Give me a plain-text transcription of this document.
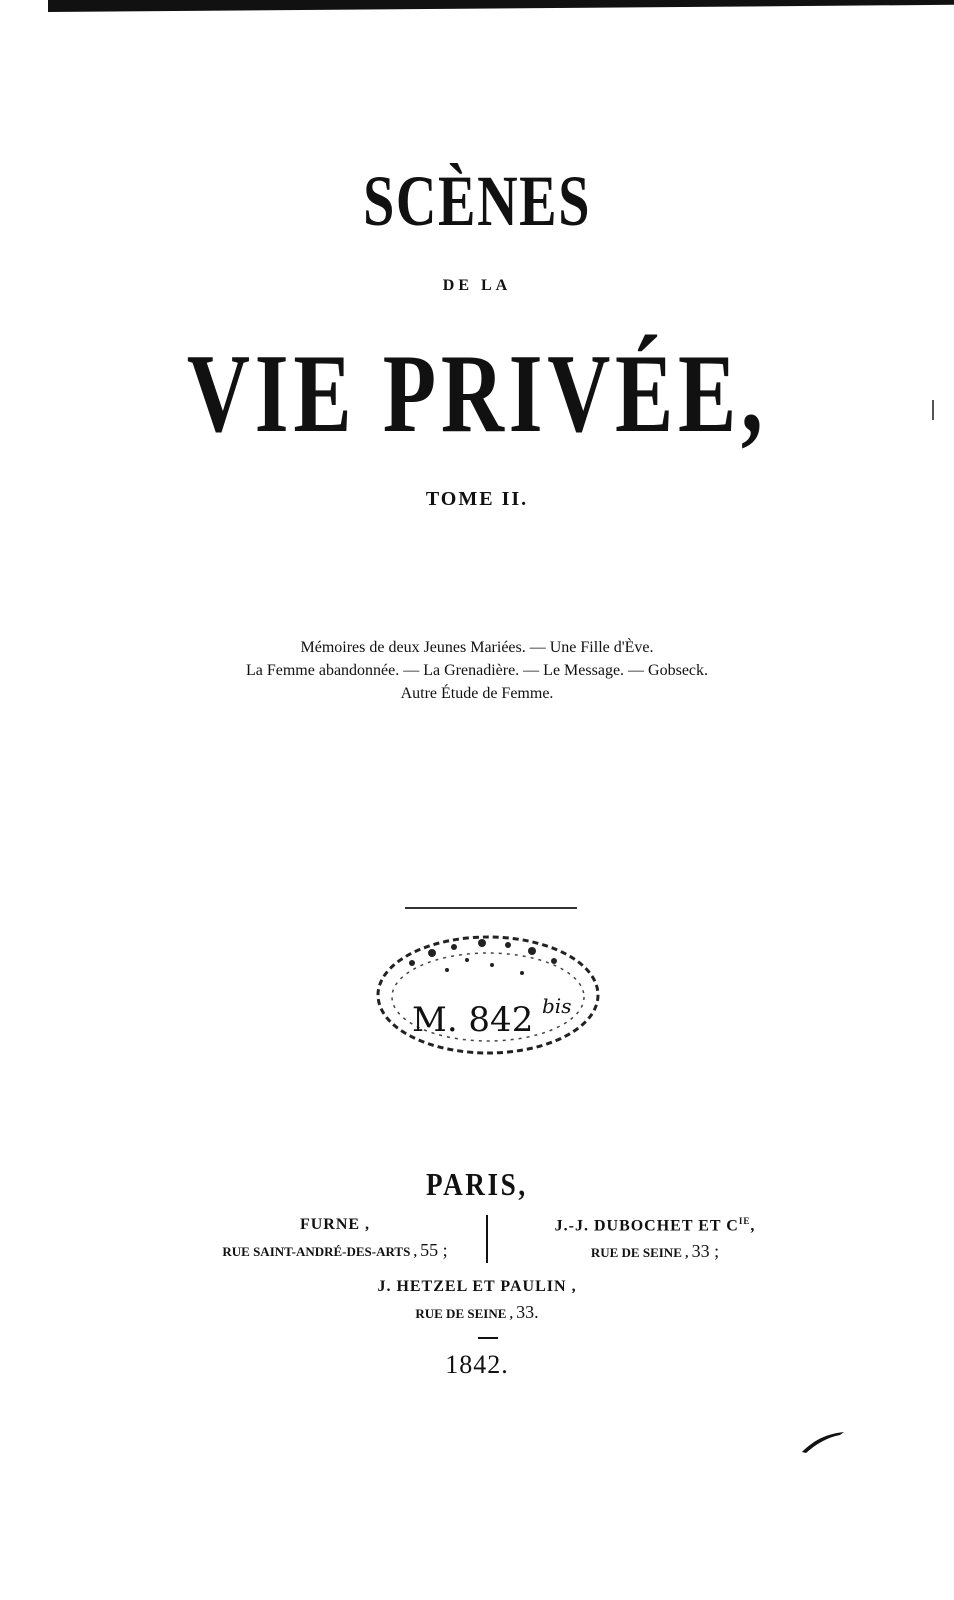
SCÈNES
DE LA
VIE PRIVÉE,
TOME II.
Mémoires de deux Jeunes Mariées. — Une Fille d'Ève.
La Femme abandonnée. — La Grenadière. — Le Message. — Gobseck.
Autre Étude de Femme.
M. 842 bis
PARIS,
FURNE ,
RUE SAINT-ANDRÉ-DES-ARTS , 55 ;
J.-J. DUBOCHET ET $C^{IE}$,
RUE DE SEINE , 33 ;
J. HETZEL ET PAULIN ,
RUE DE SEINE , 33.
1842.
